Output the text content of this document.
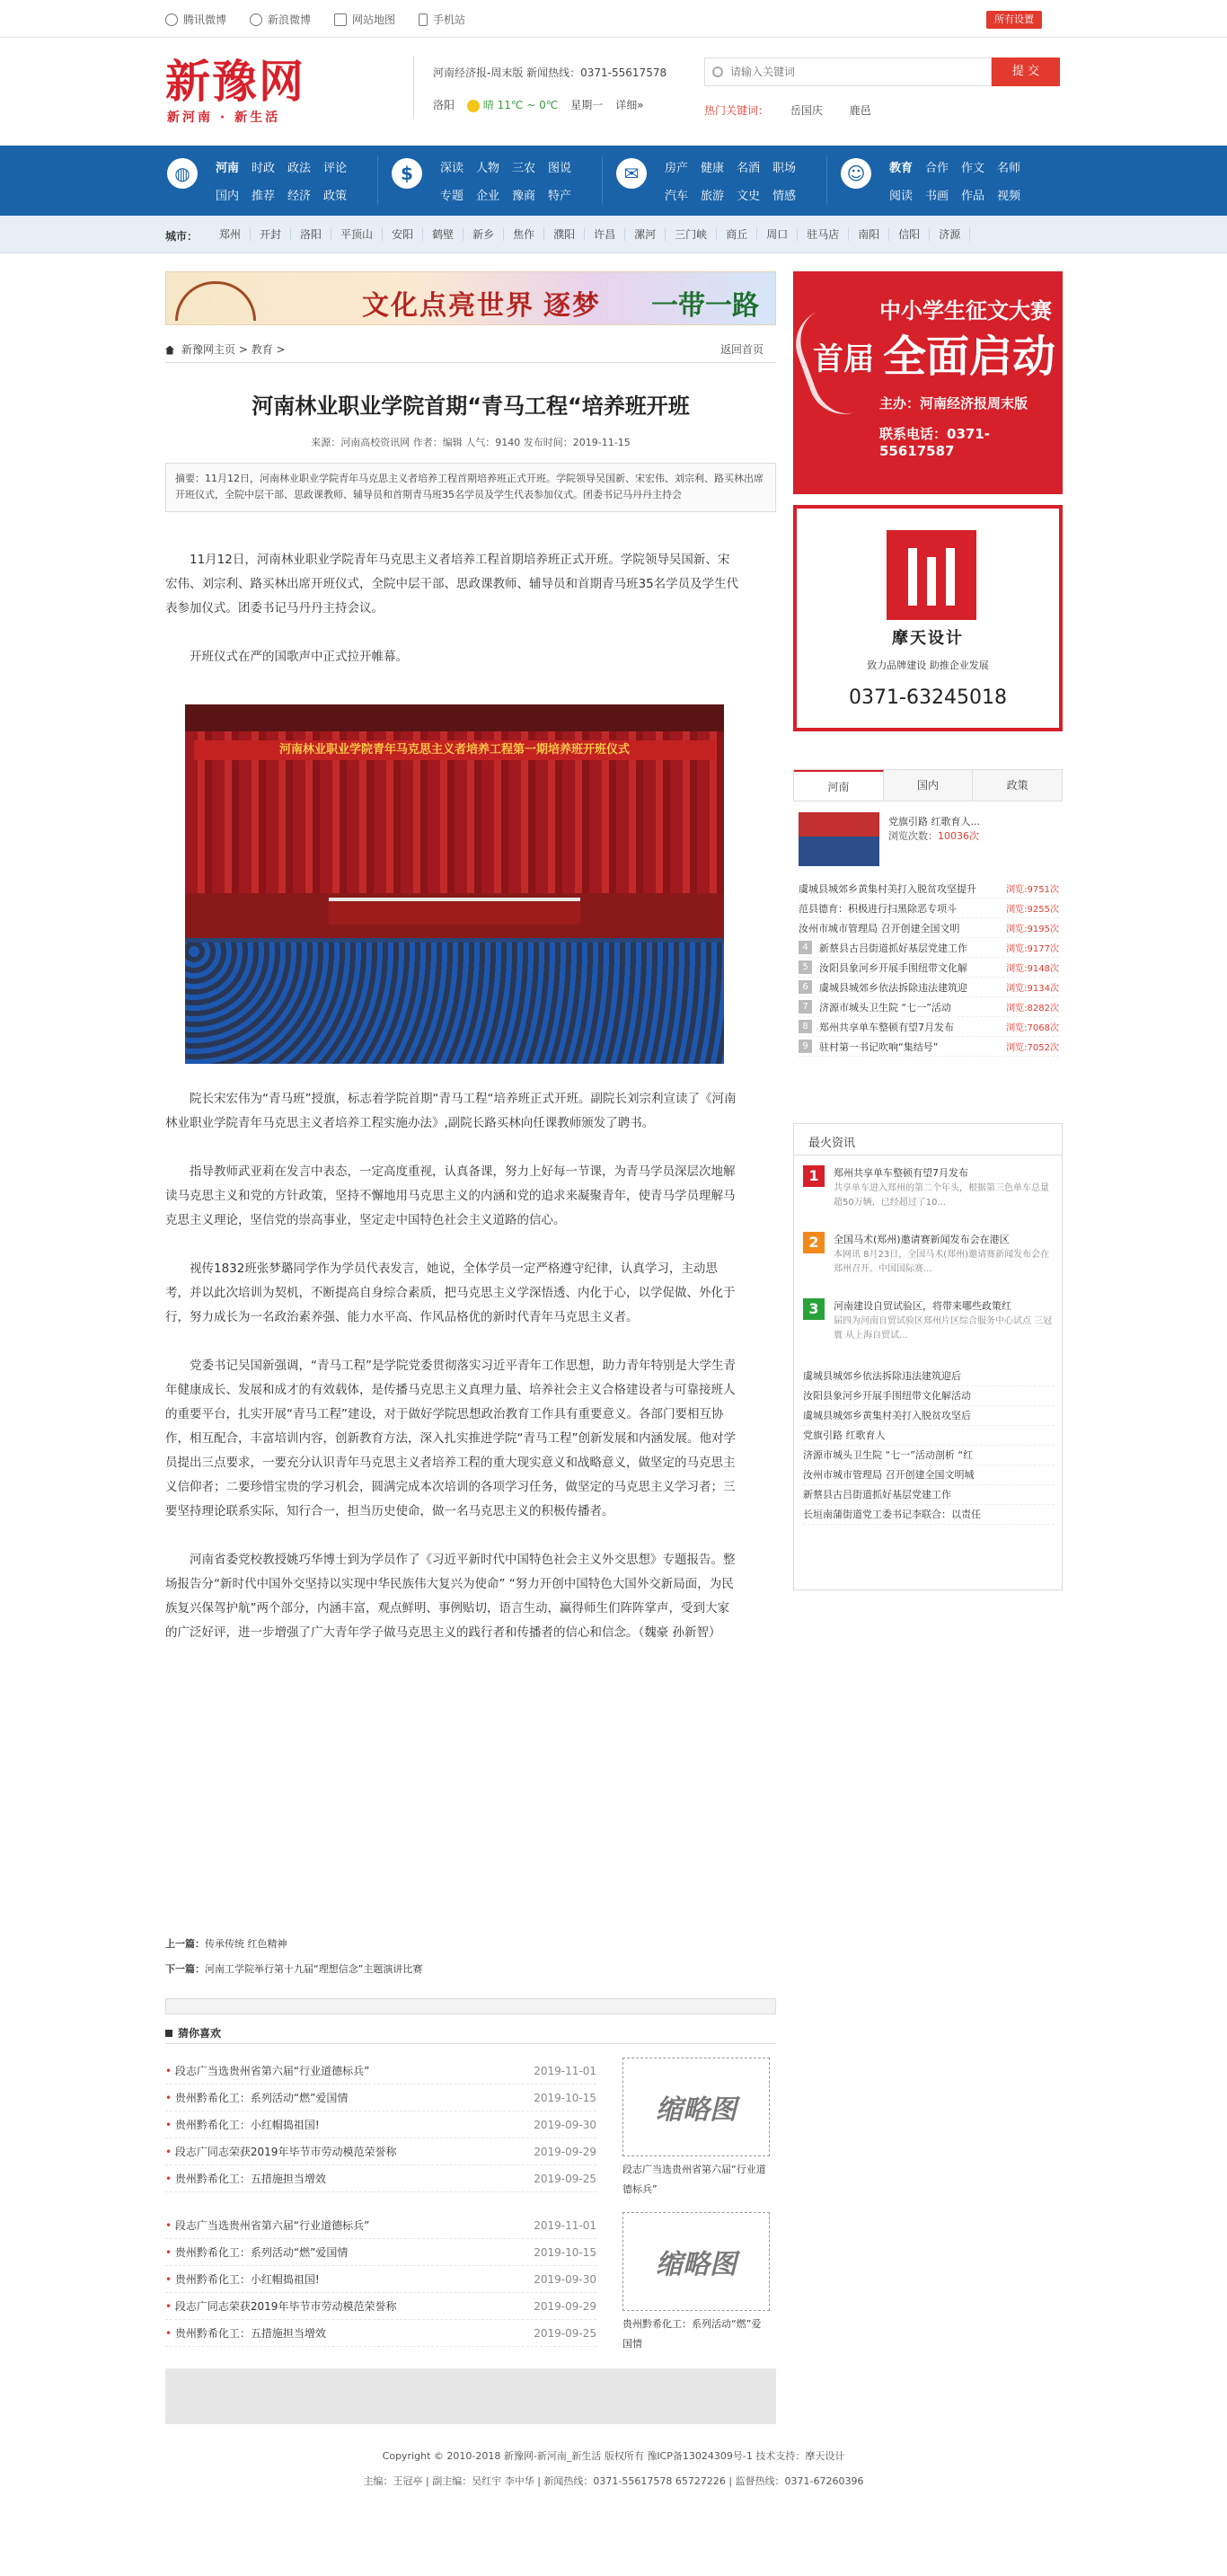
腾讯微博	新浪微博	网站地图	手机站	所有设置
新豫网
新河南 · 新生活
河南经济报-周末版 新闻热线：0371-55617578
洛阳	晴 11℃ ~ 0℃ 星期一 详细»
请输入关键词
提 交
热门关键词： 岳国庆 鹿邑
◍	河南 时政 政法 评论
国内 推荐 经济 政策
$	深读 人物 三农 图说
专题 企业 豫商 特产
✉	房产 健康 名酒 职场
汽车 旅游 文史 情感
☺	教育 合作 作文 名师
阅读 书画 作品 视频
城市：	郑州	开封	洛阳	平顶山	安阳	鹤壁	新乡	焦作	濮阳	许昌	漯河	三门峡	商丘	周口	驻马店	南阳	信阳	济源
文化点亮世界 逐梦 一带一路
新豫网主页 > 教育 >	返回首页
河南林业职业学院首期“青马工程“培养班开班
来源：河南高校资讯网 作者：编辑 人气：9140 发布时间：2019-11-15
摘要：11月12日，河南林业职业学院青年马克思主义者培养工程首期培养班正式开班。学院领导吴国新、宋宏伟、刘宗利、路买林出席开班仪式，全院中层干部、思政课教师、辅导员和首期青马班35名学员及学生代表参加仪式。团委书记马丹丹主持会

11月12日，河南林业职业学院青年马克思主义者培养工程首期培养班正式开班。学院领导吴国新、宋宏伟、刘宗利、路买林出席开班仪式，全院中层干部、思政课教师、辅导员和首期青马班35名学员及学生代表参加仪式。团委书记马丹丹主持会议。

开班仪式在严的国歌声中正式拉开帷幕。

河南林业职业学院青年马克思主义者培养工程第一期培养班开班仪式

院长宋宏伟为“青马班”授旗，标志着学院首期“青马工程“培养班正式开班。副院长刘宗利宣读了《河南林业职业学院青年马克思主义者培养工程实施办法》,副院长路买林向任课教师颁发了聘书。

指导教师武亚莉在发言中表态，一定高度重视，认真备课，努力上好每一节课，为青马学员深层次地解读马克思主义和党的方针政策，坚持不懈地用马克思主义的内涵和党的追求来凝聚青年，使青马学员理解马克思主义理论，坚信党的崇高事业，坚定走中国特色社会主义道路的信心。

视传1832班张梦璐同学作为学员代表发言，她说，全体学员一定严格遵守纪律，认真学习，主动思考，并以此次培训为契机，不断提高自身综合素质，把马克思主义学深悟透、内化于心，以学促做、外化于行，努力成长为一名政治素养强、能力水平高、作风品格优的新时代青年马克思主义者。

党委书记吴国新强调，“青马工程”是学院党委贯彻落实习近平青年工作思想，助力青年特别是大学生青年健康成长、发展和成才的有效载体，是传播马克思主义真理力量、培养社会主义合格建设者与可靠接班人的重要平台，扎实开展“青马工程”建设，对于做好学院思想政治教育工作具有重要意义。各部门要相互协作，相互配合，丰富培训内容，创新教育方法，深入扎实推进学院“青马工程”创新发展和内涵发展。他对学员提出三点要求，一要充分认识青年马克思主义者培养工程的重大现实意义和战略意义，做坚定的马克思主义信仰者；二要珍惜宝贵的学习机会，圆满完成本次培训的各项学习任务，做坚定的马克思主义学习者；三要坚持理论联系实际，知行合一，担当历史使命，做一名马克思主义的积极传播者。

河南省委党校教授姚巧华博士到为学员作了《习近平新时代中国特色社会主义外交思想》专题报告。整场报告分“新时代中国外交坚持以实现中华民族伟大复兴为使命” “努力开创中国特色大国外交新局面，为民族复兴保驾护航”两个部分，内涵丰富，观点鲜明、事例贴切，语言生动，赢得师生们阵阵掌声，受到大家的广泛好评，进一步增强了广大青年学子做马克思主义的践行者和传播者的信心和信念。（魏豪 孙新智）

上一篇：传承传统 红色精神
下一篇：河南工学院举行第十九届“理想信念”主题演讲比赛
猜你喜欢
• 段志广当选贵州省第六届“行业道德标兵”	2019-11-01
• 贵州黔希化工：系列活动“燃”爱国情	2019-10-15
• 贵州黔希化工：小红帽捣祖国!	2019-09-30
• 段志广同志荣获2019年毕节市劳动模范荣誉称	2019-09-29
• 贵州黔希化工：五措施担当增效	2019-09-25
缩略图
段志广当选贵州省第六届“行业道德标兵”
• 段志广当选贵州省第六届“行业道德标兵”	2019-11-01
• 贵州黔希化工：系列活动“燃”爱国情	2019-10-15
• 贵州黔希化工：小红帽捣祖国!	2019-09-30
• 段志广同志荣获2019年毕节市劳动模范荣誉称	2019-09-29
• 贵州黔希化工：五措施担当增效	2019-09-25
缩略图
贵州黔希化工：系列活动“燃”爱国情
Copyright © 2010-2018 新豫网-新河南_新生活 版权所有 豫ICP备13024309号-1 技术支持：摩天设计
主编：王冠亭 | 副主编：吴红宇 李中华 | 新闻热线：0371-55617578 65727226 | 监督热线：0371-67260396
首届
中小学生征文大赛
全面启动
主办：河南经济报周末版
联系电话：0371-55617587
摩天设计
致力品牌建设 助推企业发展
0371-63245018
河南	国内	政策
党旗引路 红歌育人...
浏览次数：10036次
虞城县城郊乡黄集村美打入脱贫攻坚提升	浏览:9751次
范县德育：积极进行扫黑除恶专项斗	浏览:9255次
汝州市城市管理局 召开创建全国文明	浏览:9195次
4	新蔡县古吕街道抓好基层党建工作	浏览:9177次
5	汝阳县象河乡开展手围纽带文化解	浏览:9148次
6	虞城县城郊乡依法拆除违法建筑迎	浏览:9134次
7	济源市城头卫生院 “七一”活动	浏览:8282次
8	郑州共享单车整顿有望7月发布	浏览:7068次
9	驻村第一书记吹响“集结号”	浏览:7052次
最火资讯
1	郑州共享单车整顿有望7月发布
共享单车进入郑州的第二个年头，根据第三色单车总量超50万辆，已经超过了10...
2	全国马术(郑州)邀请赛新闻发布会在港区
本网讯 8月23日，全国马术(郑州)邀请赛新闻发布会在郑州召开。中国国际赛...
3	河南建设自贸试验区，将带来哪些政策红
届四为河南自贸试验区郑州片区综合服务中心试点 三冠寰 从上海自贸试...
虞城县城郊乡依法拆除违法建筑迎后
汝阳县象河乡开展手围纽带文化解活动
虞城县城郊乡黄集村美打入脱贫攻坚后
党旗引路 红歌育人
济源市城头卫生院 “七一”活动剖析 “红
汝州市城市管理局 召开创建全国文明城
新蔡县古吕街道抓好基层党建工作
长垣南蒲街道党工委书记李联合：以责任
